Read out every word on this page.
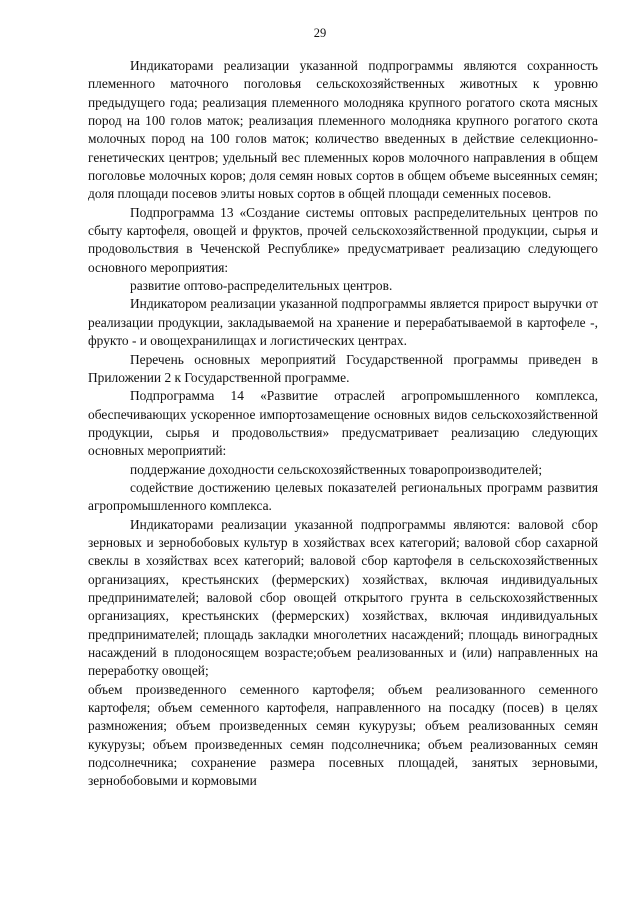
29

Индикаторами реализации указанной подпрограммы являются сохранность племенного маточного поголовья сельскохозяйственных животных к уровню предыдущего года; реализация племенного молодняка крупного рогатого скота мясных пород на 100 голов маток; реализация племенного молодняка крупного рогатого скота молочных пород на 100 голов маток; количество введенных в действие селекционно- генетических центров; удельный вес племенных коров молочного направления в общем поголовье молочных коров; доля семян новых сортов в общем объеме высеянных семян; доля площади посевов элиты новых сортов в общей площади семенных посевов.

Подпрограмма 13 «Создание системы оптовых распределительных центров по сбыту картофеля, овощей и фруктов, прочей сельскохозяйственной продукции, сырья и продовольствия в Чеченской Республике» предусматривает реализацию следующего основного мероприятия:

развитие оптово-распределительных центров.

Индикатором реализации указанной подпрограммы является прирост выручки от реализации продукции, закладываемой на хранение и перерабатываемой в картофеле -, фрукто - и овощехранилищах и логистических центрах.

Перечень основных мероприятий Государственной программы приведен в Приложении 2 к Государственной программе.

Подпрограмма 14 «Развитие отраслей агропромышленного комплекса, обеспечивающих ускоренное импортозамещение основных видов сельскохозяйственной продукции, сырья и продовольствия» предусматривает реализацию следующих основных мероприятий:

поддержание доходности сельскохозяйственных товаропроизводителей;

содействие достижению целевых показателей региональных программ развития агропромышленного комплекса.

Индикаторами реализации указанной подпрограммы являются: валовой сбор зерновых и зернобобовых культур в хозяйствах всех категорий; валовой сбор сахарной свеклы в хозяйствах всех категорий; валовой сбор картофеля в сельскохозяйственных организациях, крестьянских (фермерских) хозяйствах, включая индивидуальных предпринимателей; валовой сбор овощей открытого грунта в сельскохозяйственных организациях, крестьянских (фермерских) хозяйствах, включая индивидуальных предпринимателей; площадь закладки многолетних насаждений; площадь виноградных насаждений в плодоносящем возрасте;объем реализованных и (или) направленных на переработку овощей;

объем произведенного семенного картофеля; объем реализованного семенного картофеля; объем семенного картофеля, направленного на посадку (посев) в целях размножения; объем произведенных семян кукурузы; объем реализованных семян кукурузы; объем произведенных семян подсолнечника; объем реализованных семян подсолнечника; сохранение размера посевных площадей, занятых зерновыми, зернобобовыми и кормовыми
